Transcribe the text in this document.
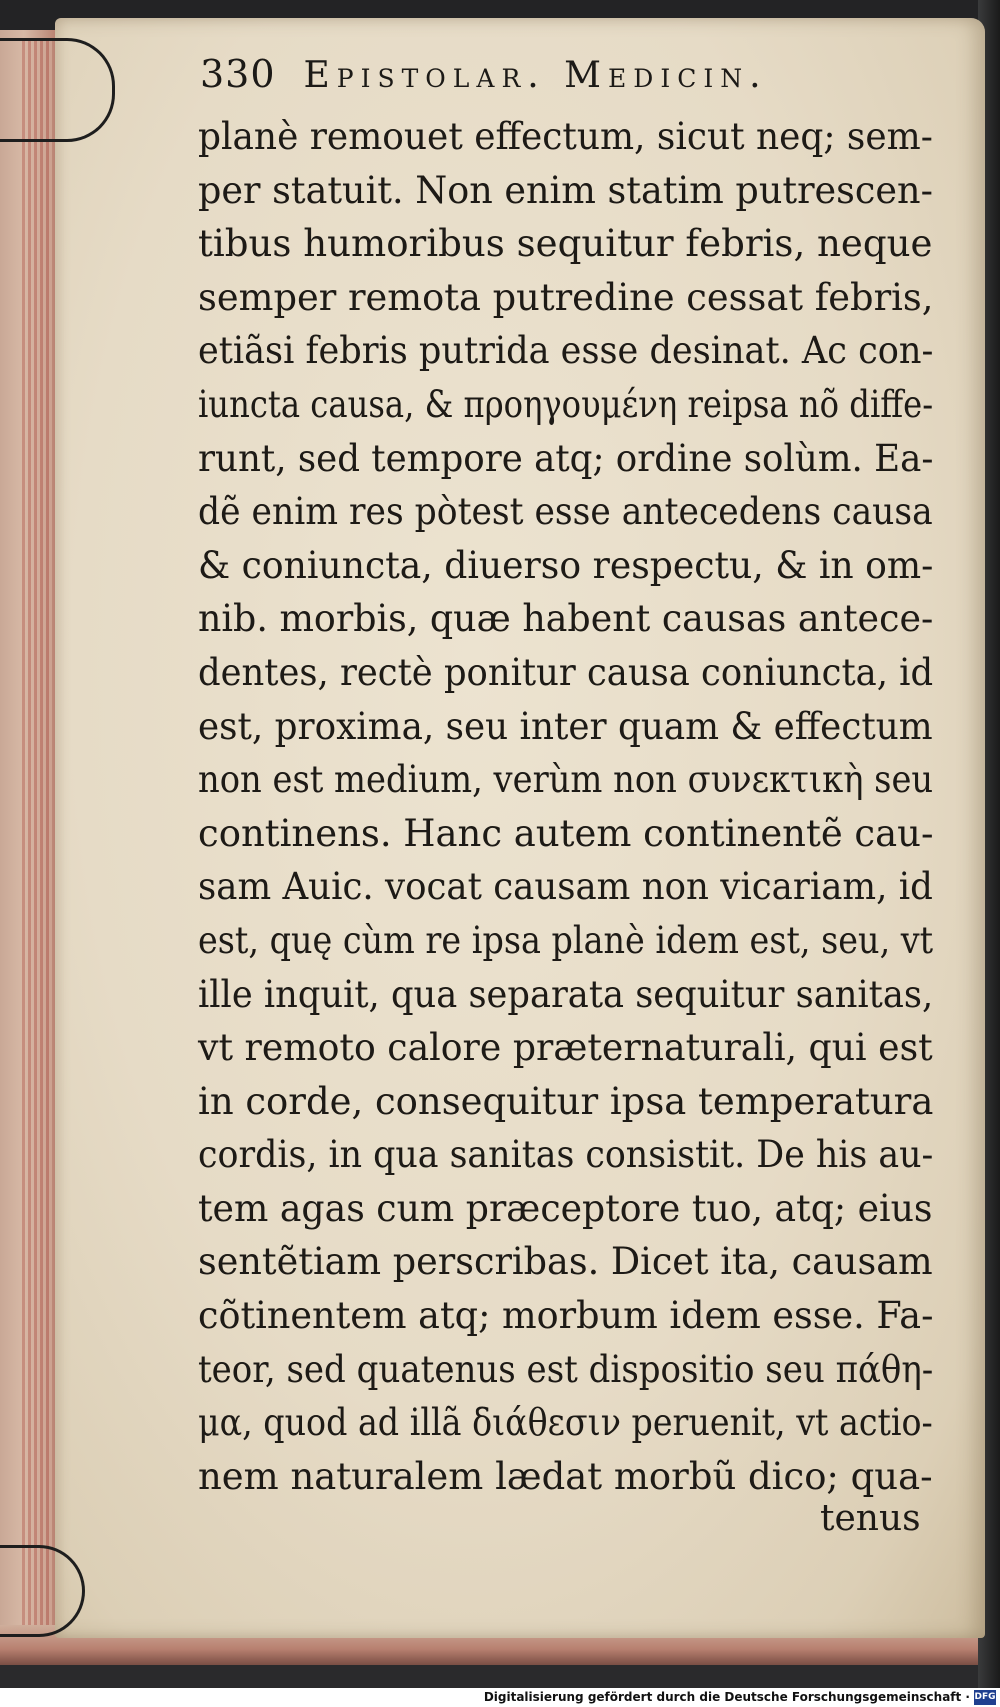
330 Epistolar. Medicin.
planè remouet effectum, sicut neq; sem-
per statuit. Non enim statim putrescen-
tibus humoribus sequitur febris, neque
semper remota putredine cessat febris,
etiãsi febris putrida esse desinat. Ac con-
iuncta causa, & προηγουμένη reipsa nõ diffe-
runt, sed tempore atq; ordine solùm. Ea-
dẽ enim res pòtest esse antecedens causa
& coniuncta, diuerso respectu, & in om-
nib. morbis, quæ habent causas antece-
dentes, rectè ponitur causa coniuncta, id
est, proxima, seu inter quam & effectum
non est medium, verùm non συνεκτικὴ seu
continens. Hanc autem continentẽ cau-
sam Auic. vocat causam non vicariam, id
est, quę cùm re ipsa planè idem est, seu, vt
ille inquit, qua separata sequitur sanitas,
vt remoto calore præternaturali, qui est
in corde, consequitur ipsa temperatura
cordis, in qua sanitas consistit. De his au-
tem agas cum præceptore tuo, atq; eius
sentẽtiam perscribas. Dicet ita, causam
cõtinentem atq; morbum idem esse. Fa-
teor, sed quatenus est dispositio seu πάθη-
μα, quod ad illã διάθεσιν peruenit, vt actio-
nem naturalem lædat morbũ dico; qua-
tenus
Digitalisierung gefördert durch die Deutsche Forschungsgemeinschaft · DFG
